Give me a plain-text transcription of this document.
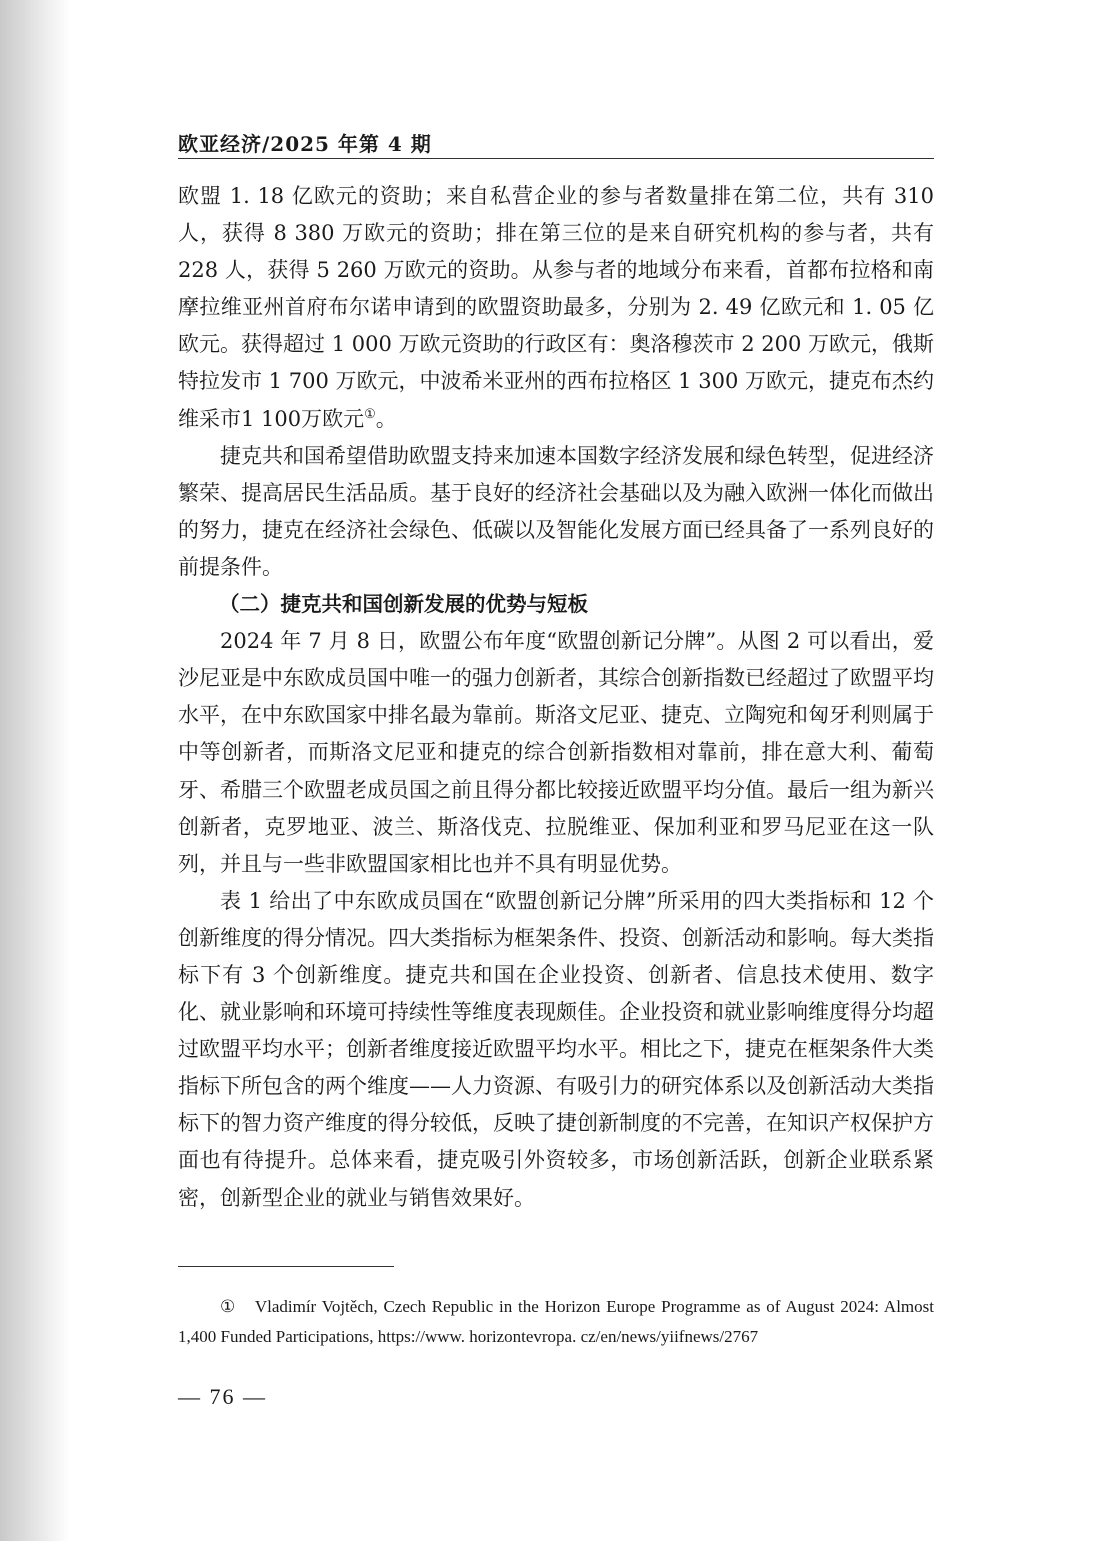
欧亚经济/2025 年第 4 期

欧盟 1. 18 亿欧元的资助；来自私营企业的参与者数量排在第二位，共有 310 人，获得 8 380 万欧元的资助；排在第三位的是来自研究机构的参与者，共有 228 人，获得 5 260 万欧元的资助。从参与者的地域分布来看，首都布拉格和南摩拉维亚州首府布尔诺申请到的欧盟资助最多，分别为 2. 49 亿欧元和 1. 05 亿欧元。获得超过 1 000 万欧元资助的行政区有：奥洛穆茨市 2 200 万欧元，俄斯特拉发市 1 700 万欧元，中波希米亚州的西布拉格区 1 300 万欧元，捷克布杰约维采市1 100万欧元①。

捷克共和国希望借助欧盟支持来加速本国数字经济发展和绿色转型，促进经济繁荣、提高居民生活品质。基于良好的经济社会基础以及为融入欧洲一体化而做出的努力，捷克在经济社会绿色、低碳以及智能化发展方面已经具备了一系列良好的前提条件。

（二）捷克共和国创新发展的优势与短板

2024 年 7 月 8 日，欧盟公布年度“欧盟创新记分牌”。从图 2 可以看出，爱沙尼亚是中东欧成员国中唯一的强力创新者，其综合创新指数已经超过了欧盟平均水平，在中东欧国家中排名最为靠前。斯洛文尼亚、捷克、立陶宛和匈牙利则属于中等创新者，而斯洛文尼亚和捷克的综合创新指数相对靠前，排在意大利、葡萄牙、希腊三个欧盟老成员国之前且得分都比较接近欧盟平均分值。最后一组为新兴创新者，克罗地亚、波兰、斯洛伐克、拉脱维亚、保加利亚和罗马尼亚在这一队列，并且与一些非欧盟国家相比也并不具有明显优势。

表 1 给出了中东欧成员国在“欧盟创新记分牌”所采用的四大类指标和 12 个创新维度的得分情况。四大类指标为框架条件、投资、创新活动和影响。每大类指标下有 3 个创新维度。捷克共和国在企业投资、创新者、信息技术使用、数字化、就业影响和环境可持续性等维度表现颇佳。企业投资和就业影响维度得分均超过欧盟平均水平；创新者维度接近欧盟平均水平。相比之下，捷克在框架条件大类指标下所包含的两个维度——人力资源、有吸引力的研究体系以及创新活动大类指标下的智力资产维度的得分较低，反映了捷创新制度的不完善，在知识产权保护方面也有待提升。总体来看，捷克吸引外资较多，市场创新活跃，创新企业联系紧密，创新型企业的就业与销售效果好。

① Vladimír Vojtěch, Czech Republic in the Horizon Europe Programme as of August 2024: Almost 1,400 Funded Participations, https://www. horizontevropa. cz/en/news/yiifnews/2767
— 76 —
